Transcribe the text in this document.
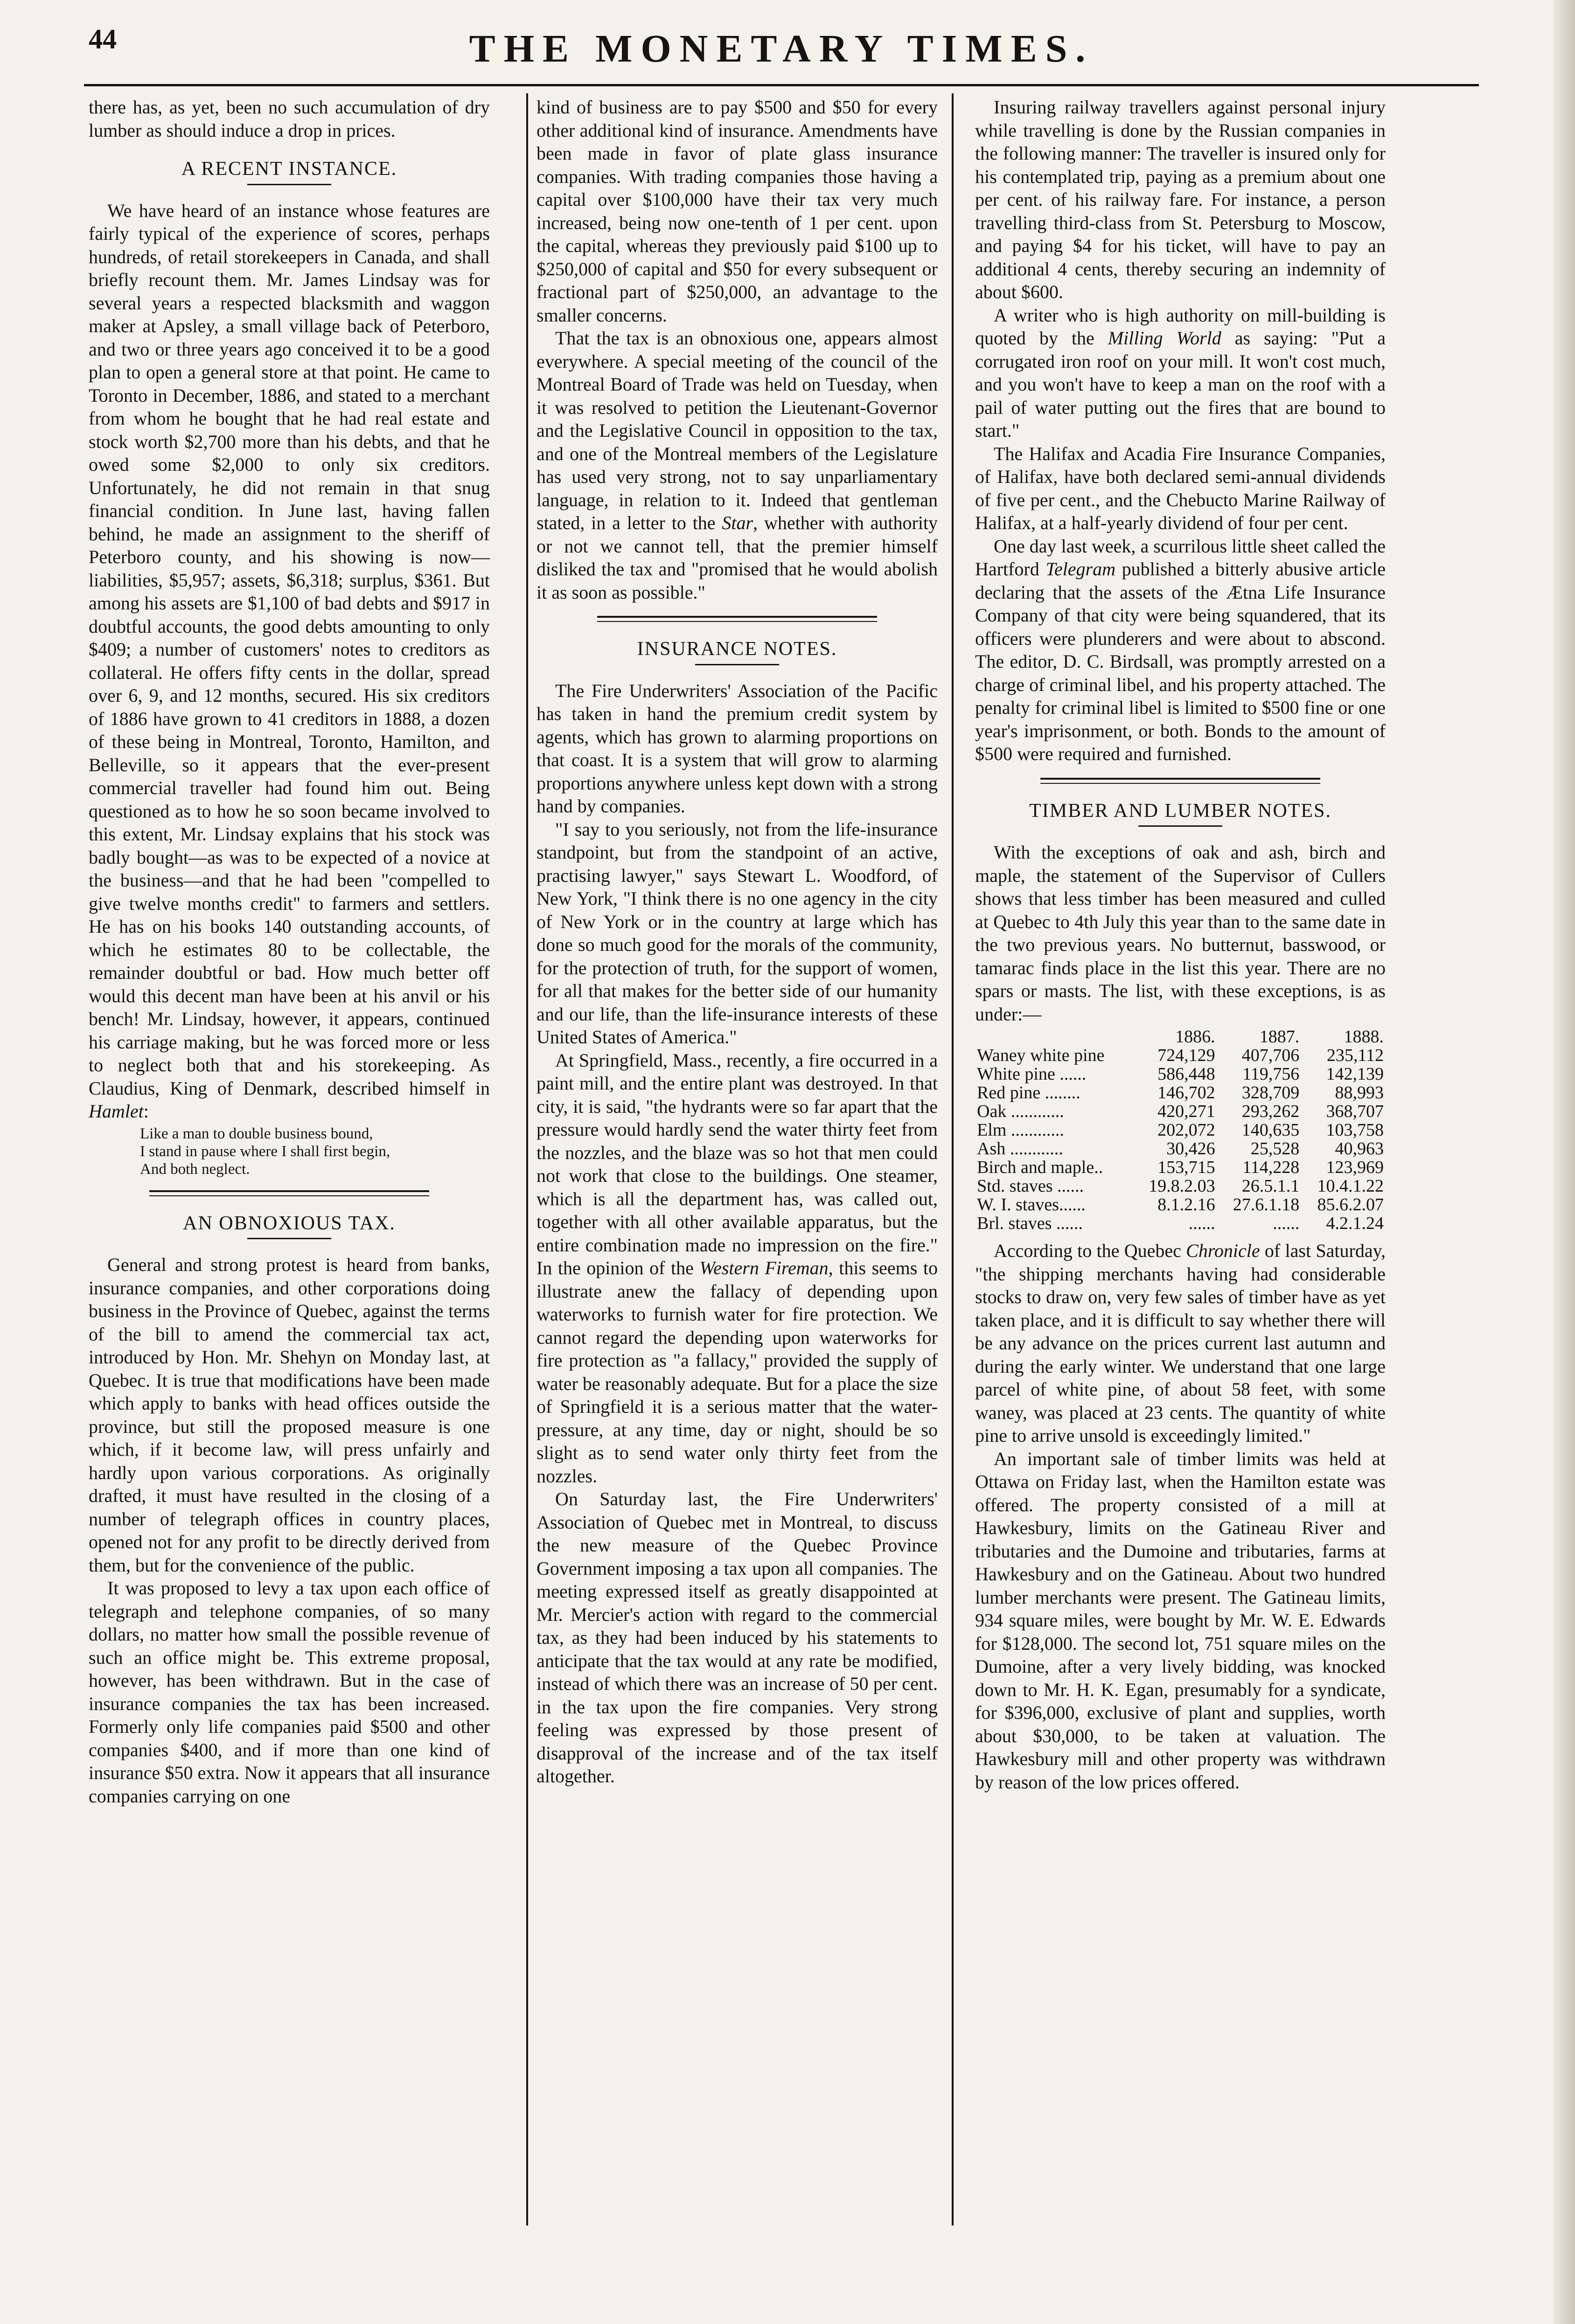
44	THE MONETARY TIMES.

there has, as yet, been no such accumulation of dry lumber as should induce a drop in prices.

A RECENT INSTANCE.

We have heard of an instance whose features are fairly typical of the experience of scores, perhaps hundreds, of retail storekeepers in Canada, and shall briefly recount them. Mr. James Lindsay was for several years a respected blacksmith and waggon maker at Apsley, a small village back of Peterboro, and two or three years ago conceived it to be a good plan to open a general store at that point. He came to Toronto in December, 1886, and stated to a merchant from whom he bought that he had real estate and stock worth $2,700 more than his debts, and that he owed some $2,000 to only six creditors. Unfortunately, he did not remain in that snug financial condition. In June last, having fallen behind, he made an assignment to the sheriff of Peterboro county, and his showing is now—liabilities, $5,957; assets, $6,318; surplus, $361. But among his assets are $1,100 of bad debts and $917 in doubtful accounts, the good debts amounting to only $409; a number of customers' notes to creditors as collateral. He offers fifty cents in the dollar, spread over 6, 9, and 12 months, secured. His six creditors of 1886 have grown to 41 creditors in 1888, a dozen of these being in Montreal, Toronto, Hamilton, and Belleville, so it appears that the ever-present commercial traveller had found him out. Being questioned as to how he so soon became involved to this extent, Mr. Lindsay explains that his stock was badly bought—as was to be expected of a novice at the business—and that he had been "compelled to give twelve months credit" to farmers and settlers. He has on his books 140 outstanding accounts, of which he estimates 80 to be collectable, the remainder doubtful or bad. How much better off would this decent man have been at his anvil or his bench! Mr. Lindsay, however, it appears, continued his carriage making, but he was forced more or less to neglect both that and his storekeeping. As Claudius, King of Denmark, described himself in Hamlet:

Like a man to double business bound,
I stand in pause where I shall first begin,
And both neglect.
AN OBNOXIOUS TAX.

General and strong protest is heard from banks, insurance companies, and other corporations doing business in the Province of Quebec, against the terms of the bill to amend the commercial tax act, introduced by Hon. Mr. Shehyn on Monday last, at Quebec. It is true that modifications have been made which apply to banks with head offices outside the province, but still the proposed measure is one which, if it become law, will press unfairly and hardly upon various corporations. As originally drafted, it must have resulted in the closing of a number of telegraph offices in country places, opened not for any profit to be directly derived from them, but for the convenience of the public.

It was proposed to levy a tax upon each office of telegraph and telephone companies, of so many dollars, no matter how small the possible revenue of such an office might be. This extreme proposal, however, has been withdrawn. But in the case of insurance companies the tax has been increased. Formerly only life companies paid $500 and other companies $400, and if more than one kind of insurance $50 extra. Now it appears that all insurance companies carrying on one

kind of business are to pay $500 and $50 for every other additional kind of insurance. Amendments have been made in favor of plate glass insurance companies. With trading companies those having a capital over $100,000 have their tax very much increased, being now one-tenth of 1 per cent. upon the capital, whereas they previously paid $100 up to $250,000 of capital and $50 for every subsequent or fractional part of $250,000, an advantage to the smaller concerns.

That the tax is an obnoxious one, appears almost everywhere. A special meeting of the council of the Montreal Board of Trade was held on Tuesday, when it was resolved to petition the Lieutenant-Governor and the Legislative Council in opposition to the tax, and one of the Montreal members of the Legislature has used very strong, not to say unparliamentary language, in relation to it. Indeed that gentleman stated, in a letter to the Star, whether with authority or not we cannot tell, that the premier himself disliked the tax and "promised that he would abolish it as soon as possible."

INSURANCE NOTES.

The Fire Underwriters' Association of the Pacific has taken in hand the premium credit system by agents, which has grown to alarming proportions on that coast. It is a system that will grow to alarming proportions anywhere unless kept down with a strong hand by companies.

"I say to you seriously, not from the life-insurance standpoint, but from the standpoint of an active, practising lawyer," says Stewart L. Woodford, of New York, "I think there is no one agency in the city of New York or in the country at large which has done so much good for the morals of the community, for the protection of truth, for the support of women, for all that makes for the better side of our humanity and our life, than the life-insurance interests of these United States of America."

At Springfield, Mass., recently, a fire occurred in a paint mill, and the entire plant was destroyed. In that city, it is said, "the hydrants were so far apart that the pressure would hardly send the water thirty feet from the nozzles, and the blaze was so hot that men could not work that close to the buildings. One steamer, which is all the department has, was called out, together with all other available apparatus, but the entire combination made no impression on the fire." In the opinion of the Western Fireman, this seems to illustrate anew the fallacy of depending upon waterworks to furnish water for fire protection. We cannot regard the depending upon waterworks for fire protection as "a fallacy," provided the supply of water be reasonably adequate. But for a place the size of Springfield it is a serious matter that the water-pressure, at any time, day or night, should be so slight as to send water only thirty feet from the nozzles.

On Saturday last, the Fire Underwriters' Association of Quebec met in Montreal, to discuss the new measure of the Quebec Province Government imposing a tax upon all companies. The meeting expressed itself as greatly disappointed at Mr. Mercier's action with regard to the commercial tax, as they had been induced by his statements to anticipate that the tax would at any rate be modified, instead of which there was an increase of 50 per cent. in the tax upon the fire companies. Very strong feeling was expressed by those present of disapproval of the increase and of the tax itself altogether.

Insuring railway travellers against personal injury while travelling is done by the Russian companies in the following manner: The traveller is insured only for his contemplated trip, paying as a premium about one per cent. of his railway fare. For instance, a person travelling third-class from St. Petersburg to Moscow, and paying $4 for his ticket, will have to pay an additional 4 cents, thereby securing an indemnity of about $600.

A writer who is high authority on mill-building is quoted by the Milling World as saying: "Put a corrugated iron roof on your mill. It won't cost much, and you won't have to keep a man on the roof with a pail of water putting out the fires that are bound to start."

The Halifax and Acadia Fire Insurance Companies, of Halifax, have both declared semi-annual dividends of five per cent., and the Chebucto Marine Railway of Halifax, at a half-yearly dividend of four per cent.

One day last week, a scurrilous little sheet called the Hartford Telegram published a bitterly abusive article declaring that the assets of the Ætna Life Insurance Company of that city were being squandered, that its officers were plunderers and were about to abscond. The editor, D. C. Birdsall, was promptly arrested on a charge of criminal libel, and his property attached. The penalty for criminal libel is limited to $500 fine or one year's imprisonment, or both. Bonds to the amount of $500 were required and furnished.

TIMBER AND LUMBER NOTES.

With the exceptions of oak and ash, birch and maple, the statement of the Supervisor of Cullers shows that less timber has been measured and culled at Quebec to 4th July this year than to the same date in the two previous years. No butternut, basswood, or tamarac finds place in the list this year. There are no spars or masts. The list, with these exceptions, is as under:—

	1886.	1887.	1888.
Waney white pine	724,129	407,706	235,112
White pine ......	586,448	119,756	142,139
Red pine ........	146,702	328,709	88,993
Oak ............	420,271	293,262	368,707
Elm ............	202,072	140,635	103,758
Ash ............	30,426	25,528	40,963
Birch and maple..	153,715	114,228	123,969
Std. staves ......	19.8.2.03	26.5.1.1	10.4.1.22
W. I. staves......	8.1.2.16	27.6.1.18	85.6.2.07
Brl. staves ......	......	......	4.2.1.24

According to the Quebec Chronicle of last Saturday, "the shipping merchants having had considerable stocks to draw on, very few sales of timber have as yet taken place, and it is difficult to say whether there will be any advance on the prices current last autumn and during the early winter. We understand that one large parcel of white pine, of about 58 feet, with some waney, was placed at 23 cents. The quantity of white pine to arrive unsold is exceedingly limited."

An important sale of timber limits was held at Ottawa on Friday last, when the Hamilton estate was offered. The property consisted of a mill at Hawkesbury, limits on the Gatineau River and tributaries and the Dumoine and tributaries, farms at Hawkesbury and on the Gatineau. About two hundred lumber merchants were present. The Gatineau limits, 934 square miles, were bought by Mr. W. E. Edwards for $128,000. The second lot, 751 square miles on the Dumoine, after a very lively bidding, was knocked down to Mr. H. K. Egan, presumably for a syndicate, for $396,000, exclusive of plant and supplies, worth about $30,000, to be taken at valuation. The Hawkesbury mill and other property was withdrawn by reason of the low prices offered.
